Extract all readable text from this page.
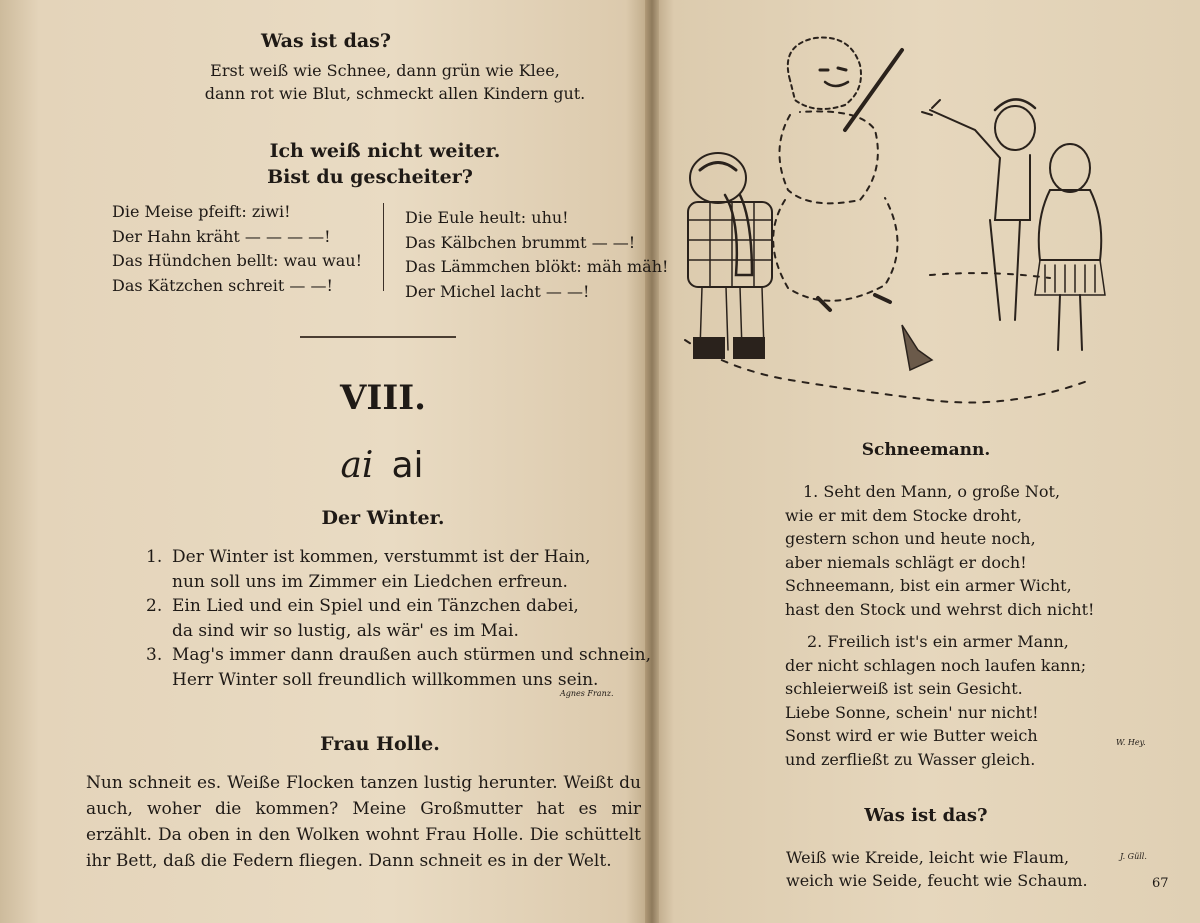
Was ist das?
Erst weiß wie Schnee, dann grün wie Klee,
dann rot wie Blut, schmeckt allen Kindern gut.
Ich weiß nicht weiter.
Bist du gescheiter?
Die Meise pfeift: ziwi!
Der Hahn kräht — — — —!
Das Hündchen bellt: wau wau!
Das Kätzchen schreit — —!
Die Eule heult: uhu!
Das Kälbchen brummt — —!
Das Lämmchen blökt: mäh mäh!
Der Michel lacht — —!
VIII.
ai ai
Der Winter.
1. Der Winter ist kommen, verstummt ist der Hain,
nun soll uns im Zimmer ein Liedchen erfreun.
2. Ein Lied und ein Spiel und ein Tänzchen dabei,
da sind wir so lustig, als wär' es im Mai.
3. Mag's immer dann draußen auch stürmen und schnein,
Herr Winter soll freundlich willkommen uns sein.
Agnes Franz.
Frau Holle.
Nun schneit es. Weiße Flocken tanzen lustig herunter. Weißt du auch, woher die kommen? Meine Großmutter hat es mir erzählt. Da oben in den Wolken wohnt Frau Holle. Die schüttelt ihr Bett, daß die Federn fliegen. Dann schneit es in der Welt.
Schneemann.
1. Seht den Mann, o große Not,
wie er mit dem Stocke droht,
gestern schon und heute noch,
aber niemals schlägt er doch!
Schneemann, bist ein armer Wicht,
hast den Stock und wehrst dich nicht!
2. Freilich ist's ein armer Mann,
der nicht schlagen noch laufen kann;
schleierweiß ist sein Gesicht.
Liebe Sonne, schein' nur nicht!
Sonst wird er wie Butter weich
und zerfließt zu Wasser gleich.
W. Hey.
Was ist das?
Weiß wie Kreide, leicht wie Flaum,
weich wie Seide, feucht wie Schaum.
J. Güll.
67
